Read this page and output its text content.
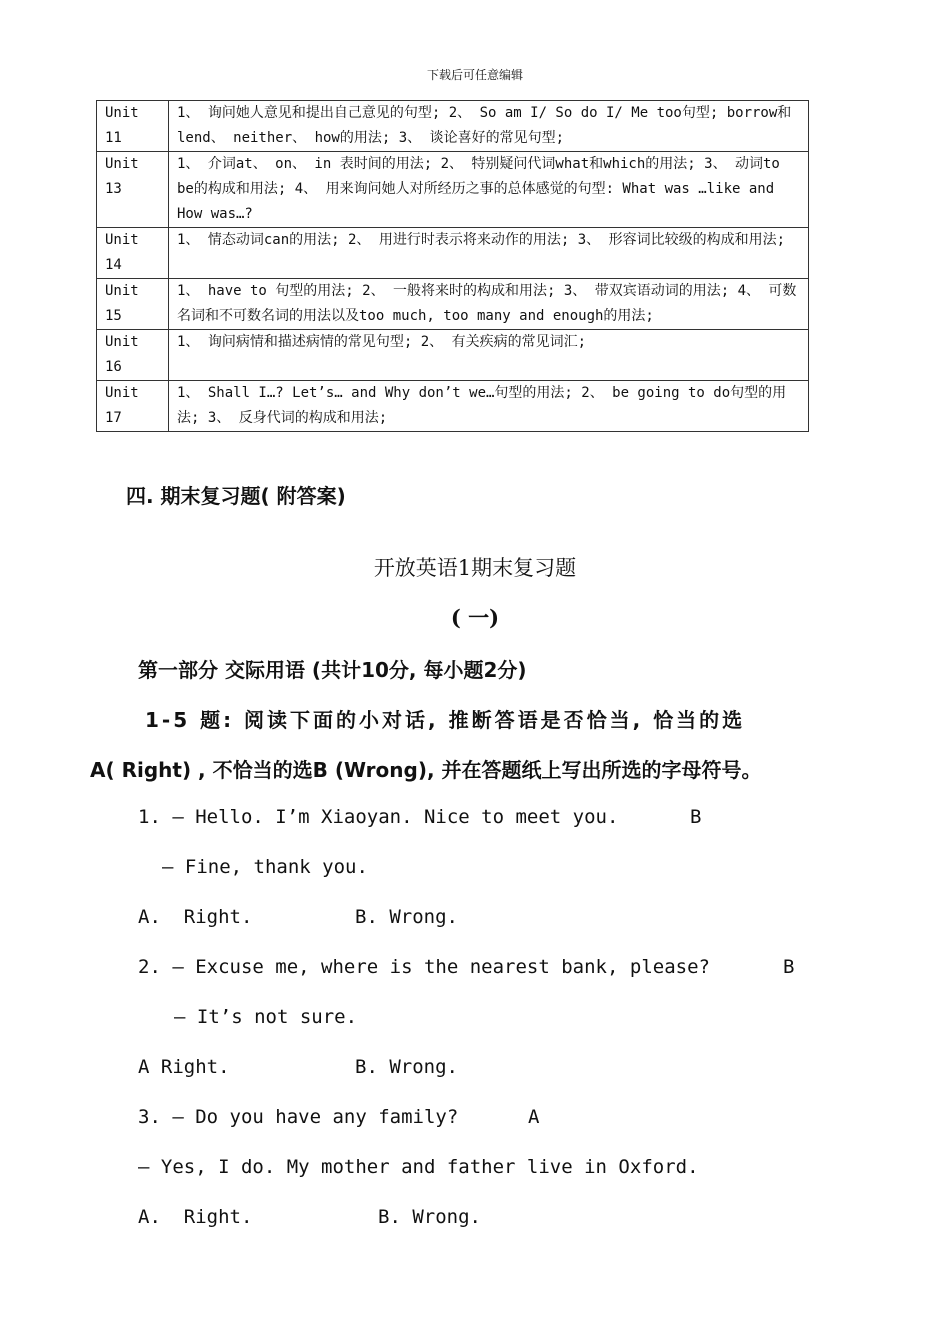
下载后可任意编辑
Unit 11	1、 询问她人意见和提出自己意见的句型; 2、 So am I/ So do I/ Me too句型; borrow和lend、 neither、 how的用法; 3、 谈论喜好的常见句型;
Unit 13	1、 介词at、 on、 in 表时间的用法; 2、 特别疑问代词what和which的用法; 3、 动词to be的构成和用法; 4、 用来询问她人对所经历之事的总体感觉的句型: What was …like and How was…?
Unit 14	1、 情态动词can的用法; 2、 用进行时表示将来动作的用法; 3、 形容词比较级的构成和用法;
Unit 15	1、 have to 句型的用法; 2、 一般将来时的构成和用法; 3、 带双宾语动词的用法; 4、 可数名词和不可数名词的用法以及too much, too many and enough的用法;
Unit 16	1、 询问病情和描述病情的常见句型; 2、 有关疾病的常见词汇;
Unit 17	1、 Shall I…? Let’s… and Why don’t we…句型的用法; 2、 be going to do句型的用法; 3、 反身代词的构成和用法;
四. 期末复习题( 附答案)
开放英语1期末复习题
( 一)
第一部分 交际用语 (共计10分, 每小题2分)
1-5 题: 阅读下面的小对话, 推断答语是否恰当, 恰当的选
A( Right) , 不恰当的选B (Wrong), 并在答题纸上写出所选的字母符号。
1. — Hello. I’m Xiaoyan. Nice to meet you.	B
— Fine, thank you.
A.  Right.	B. Wrong.
2. — Excuse me, where is the nearest bank, please?	B
— It’s not sure.
A Right.	B. Wrong.
3. — Do you have any family?	A
— Yes, I do. My mother and father live in Oxford.
A.  Right.	B. Wrong.
